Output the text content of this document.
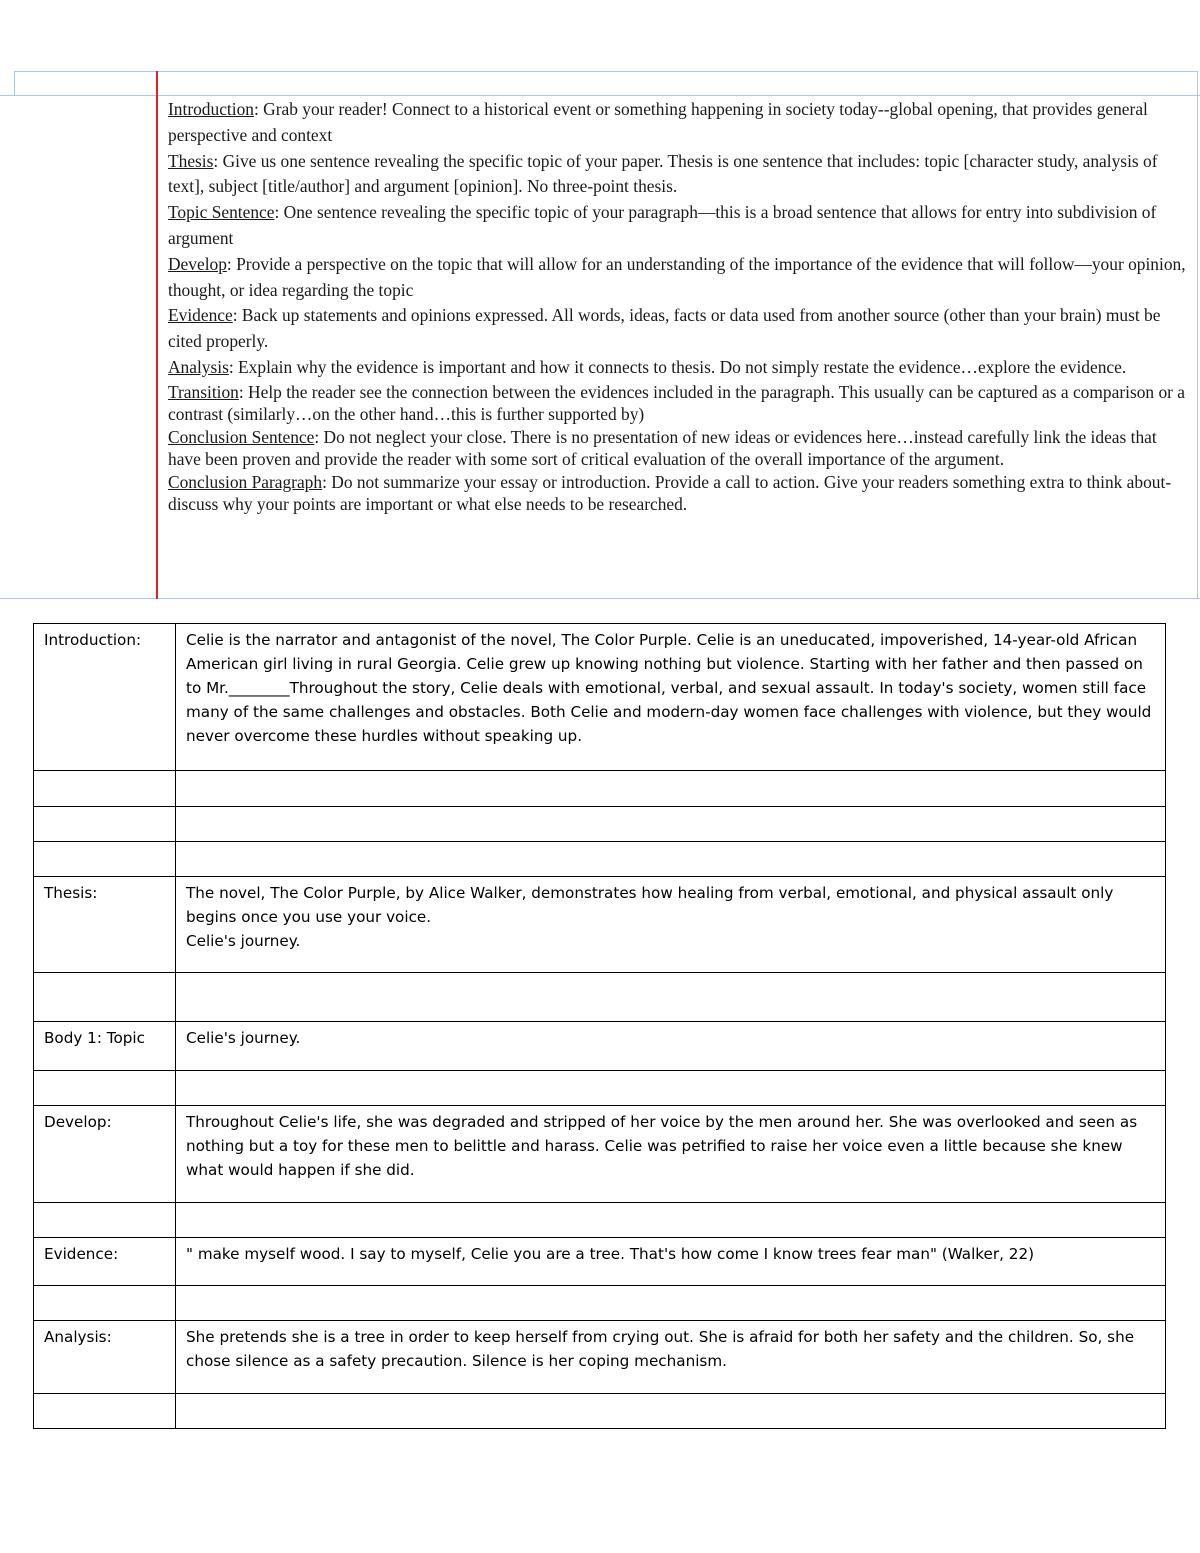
Introduction: Grab your reader! Connect to a historical event or something happening in society today--global opening, that provides general perspective and context

Thesis: Give us one sentence revealing the specific topic of your paper. Thesis is one sentence that includes: topic [character study, analysis of text], subject [title/author] and argument [opinion]. No three-point thesis.

Topic Sentence: One sentence revealing the specific topic of your paragraph—this is a broad sentence that allows for entry into subdivision of argument

Develop: Provide a perspective on the topic that will allow for an understanding of the importance of the evidence that will follow—your opinion, thought, or idea regarding the topic

Evidence: Back up statements and opinions expressed. All words, ideas, facts or data used from another source (other than your brain) must be cited properly.

Analysis: Explain why the evidence is important and how it connects to thesis. Do not simply restate the evidence…explore the evidence.

Transition: Help the reader see the connection between the evidences included in the paragraph. This usually can be captured as a comparison or a contrast (similarly…on the other hand…this is further supported by)

Conclusion Sentence: Do not neglect your close. There is no presentation of new ideas or evidences here…instead carefully link the ideas that have been proven and provide the reader with some sort of critical evaluation of the overall importance of the argument.

Conclusion Paragraph: Do not summarize your essay or introduction. Provide a call to action. Give your readers something extra to think about-discuss why your points are important or what else needs to be researched.

Introduction:	Celie is the narrator and antagonist of the novel, The Color Purple. Celie is an uneducated, impoverished, 14-year-old African American girl living in rural Georgia. Celie grew up knowing nothing but violence. Starting with her father and then passed on to Mr.________Throughout the story, Celie deals with emotional, verbal, and sexual assault. In today's society, women still face many of the same challenges and obstacles. Both Celie and modern-day women face challenges with violence, but they would never overcome these hurdles without speaking up.

Thesis:	The novel, The Color Purple, by Alice Walker, demonstrates how healing from verbal, emotional, and physical assault only begins once you use your voice.
Celie's journey.

Body 1: Topic	Celie's journey.

Develop:	Throughout Celie's life, she was degraded and stripped of her voice by the men around her. She was overlooked and seen as nothing but a toy for these men to belittle and harass. Celie was petrified to raise her voice even a little because she knew what would happen if she did.

Evidence:	" make myself wood. I say to myself, Celie you are a tree. That's how come I know trees fear man" (Walker, 22)

Analysis:	She pretends she is a tree in order to keep herself from crying out. She is afraid for both her safety and the children. So, she chose silence as a safety precaution. Silence is her coping mechanism.
